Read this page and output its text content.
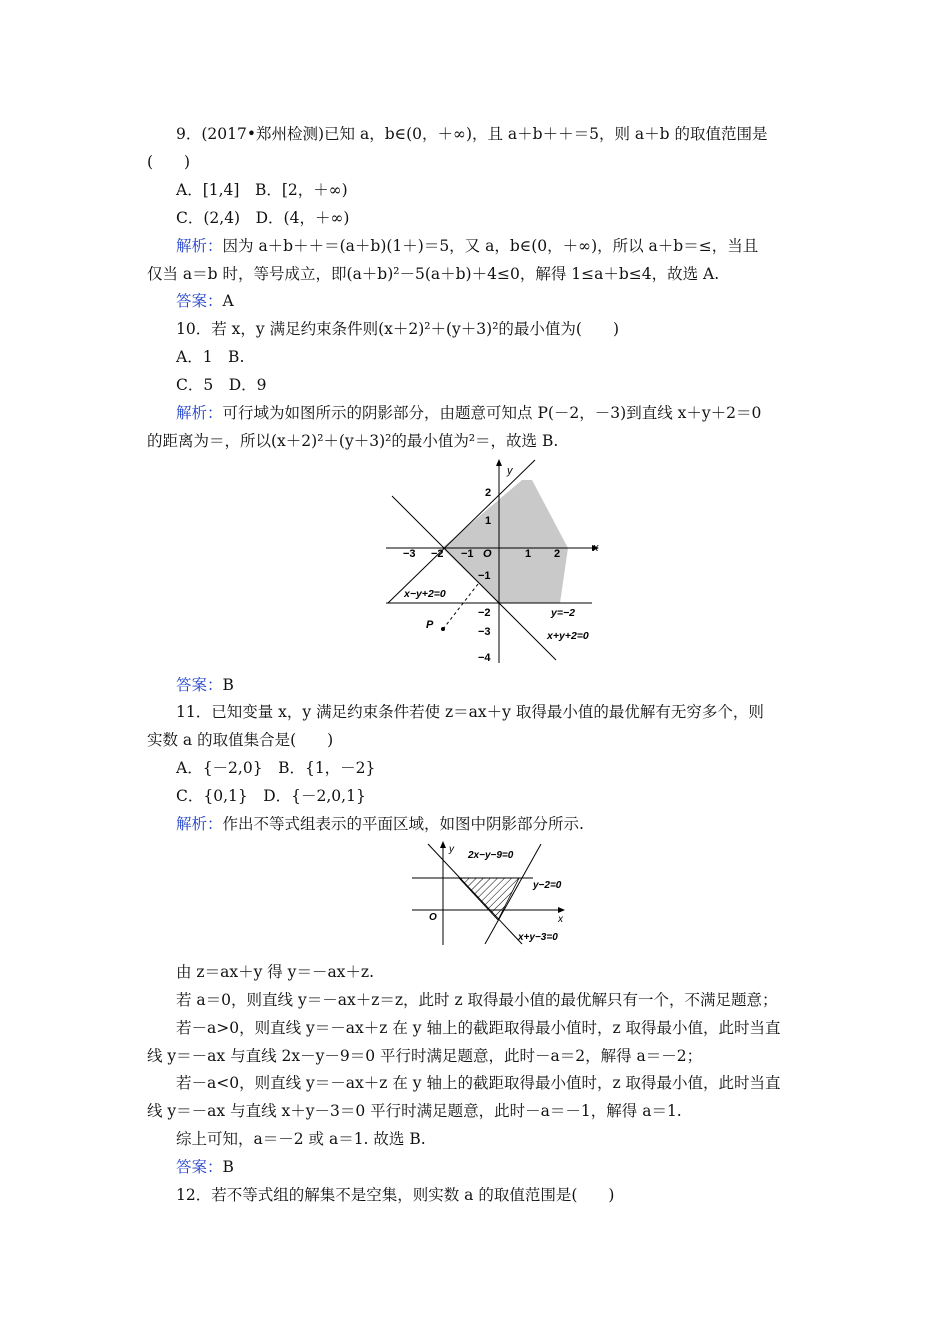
9．(2017•郑州检测)已知 a，b∈(0，＋∞)，且 a＋b＋＋＝5，则 a＋b 的取值范围是
(　　)
A．[1,4]　B．[2，＋∞)
C．(2,4)　D．(4，＋∞)
解析：因为 a＋b＋＋＝(a＋b)(1＋)＝5，又 a，b∈(0，＋∞)，所以 a＋b＝≤，当且
仅当 a＝b 时，等号成立，即(a＋b)²－5(a＋b)＋4≤0，解得 1≤a＋b≤4，故选 A.
答案：A
10．若 x，y 满足约束条件则(x＋2)²＋(y＋3)²的最小值为(　　)
A．1　B.
C．5　D．9
解析：可行域为如图所示的阴影部分，由题意可知点 P(－2，－3)到直线 x＋y＋2＝0
的距离为＝，所以(x＋2)²＋(y＋3)²的最小值为²＝，故选 B.
x
y
O
−3 −2 −1	1 2
2
1
−1
−2
−3
−4
x−y+2=0
y=−2
x+y+2=0
P
答案：B
11．已知变量 x，y 满足约束条件若使 z＝ax＋y 取得最小值的最优解有无穷多个，则
实数 a 的取值集合是(　　)
A．{－2,0}　B．{1，－2}
C．{0,1}　D．{－2,0,1}
解析：作出不等式组表示的平面区域，如图中阴影部分所示.
y
x
O
2x−y−9=0
y−2=0
x+y−3=0
由 z＝ax＋y 得 y＝－ax＋z.
若 a＝0，则直线 y＝－ax＋z＝z，此时 z 取得最小值的最优解只有一个，不满足题意；
若－a>0，则直线 y＝－ax＋z 在 y 轴上的截距取得最小值时，z 取得最小值，此时当直
线 y＝－ax 与直线 2x－y－9＝0 平行时满足题意，此时－a＝2，解得 a＝－2；
若－a<0，则直线 y＝－ax＋z 在 y 轴上的截距取得最小值时，z 取得最小值，此时当直
线 y＝－ax 与直线 x＋y－3＝0 平行时满足题意，此时－a＝－1，解得 a＝1.
综上可知，a＝－2 或 a＝1. 故选 B.
答案：B
12．若不等式组的解集不是空集，则实数 a 的取值范围是(　　)
